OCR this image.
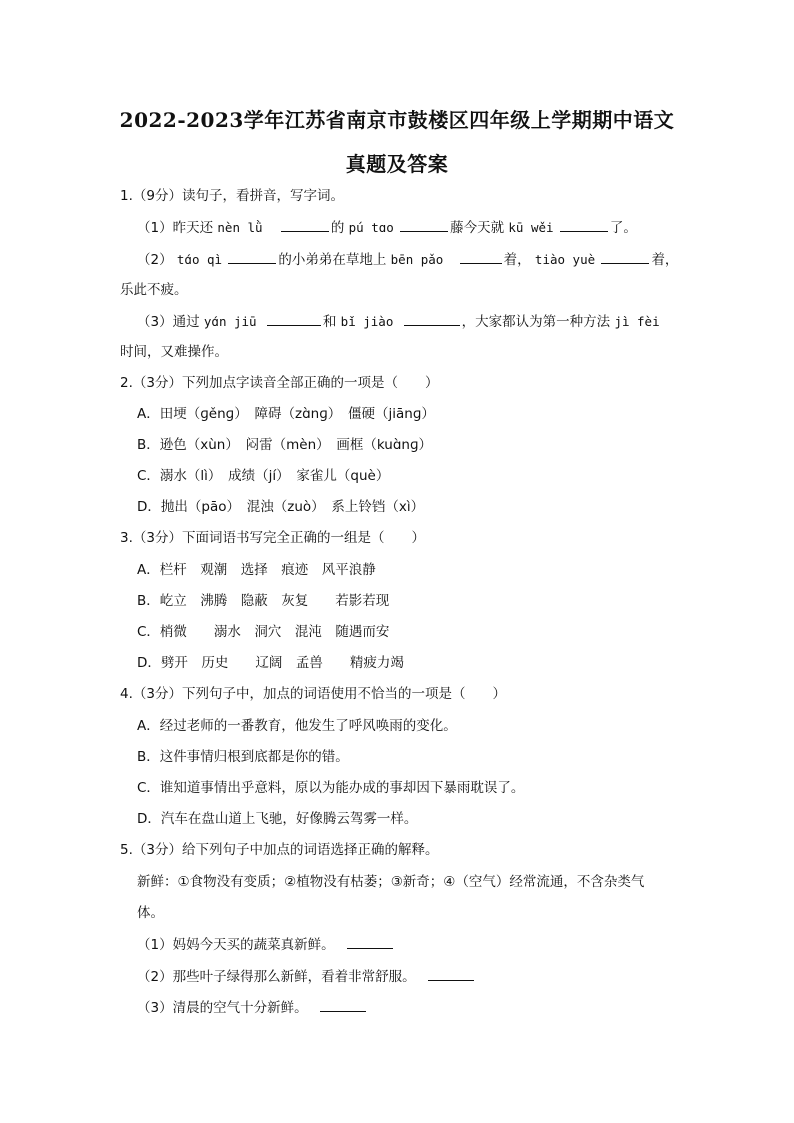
2022-2023学年江苏省南京市鼓楼区四年级上学期期中语文
真题及答案
1.（9分）读句子，看拼音，写字词。
（1）昨天还 nèn lǜ	的 pú tɑo	藤今天就 kū wěi	了。
（2） tɑ́o qì	的小弟弟在草地上 bēn pǎo	着， tiào yuè	着，
乐此不疲。
（3）通过 yɑ́n jiū	和 bǐ jiào	，大家都认为第一种方法 jì fèi
时间，又难操作。
2.（3分）下列加点字读音全部正确的一项是（　　）
A．田埂（ɡěnɡ）　障碍（zɑ̀nɡ）　僵硬（jiānɡ）
B．逊色（xùn）　闷雷（mèn）　画框（kuɑ̀nɡ）
C．溺水（lì）　成绩（jí）　家雀儿（què）
D．抛出（pāo）　混浊（zuò）　系上铃铛（xì）
3.（3分）下面词语书写完全正确的一组是（　　）
A．栏杆　观潮　选择　痕迹　风平浪静
B．屹立　沸腾　隐蔽　灰复　　若影若现
C．梢微　　溺水　洞穴　混沌　随遇而安
D．劈开　历史　　辽阔　孟兽　　精疲力竭
4.（3分）下列句子中，加点的词语使用不恰当的一项是（　　）
A．经过老师的一番教育，他发生了呼风唤雨的变化。
B．这件事情归根到底都是你的错。
C．谁知道事情出乎意料，原以为能办成的事却因下暴雨耽误了。
D．汽车在盘山道上飞驰，好像腾云驾雾一样。
5.（3分）给下列句子中加点的词语选择正确的解释。
新鲜：①食物没有变质；②植物没有枯萎；③新奇；④（空气）经常流通，不含杂类气
体。
（1）妈妈今天买的蔬菜真新鲜。
（2）那些叶子绿得那么新鲜，看着非常舒服。
（3）清晨的空气十分新鲜。
